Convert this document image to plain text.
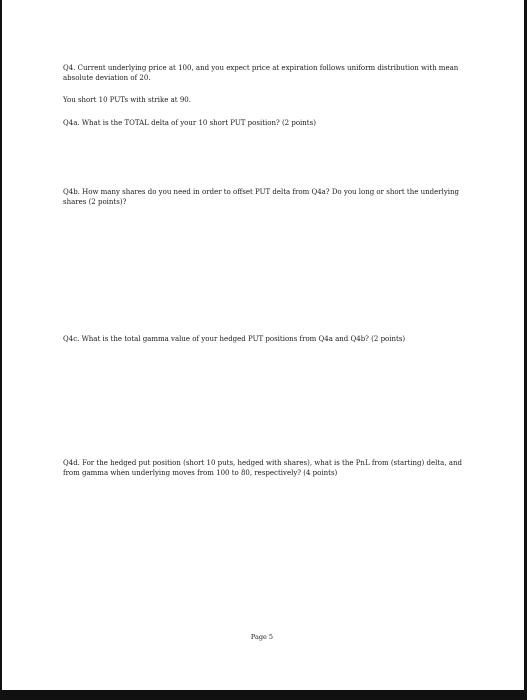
Q4. Current underlying price at 100, and you expect price at expiration follows uniform distribution with mean absolute deviation of 20.

You short 10 PUTs with strike at 90.

Q4a. What is the TOTAL delta of your 10 short PUT position? (2 points)

Q4b. How many shares do you need in order to offset PUT delta from Q4a? Do you long or short the underlying shares (2 points)?

Q4c. What is the total gamma value of your hedged PUT positions from Q4a and Q4b? (2 points)

Q4d. For the hedged put position (short 10 puts, hedged with shares), what is the PnL from (starting) delta, and from gamma when underlying moves from 100 to 80, respectively? (4 points)

Page 5
